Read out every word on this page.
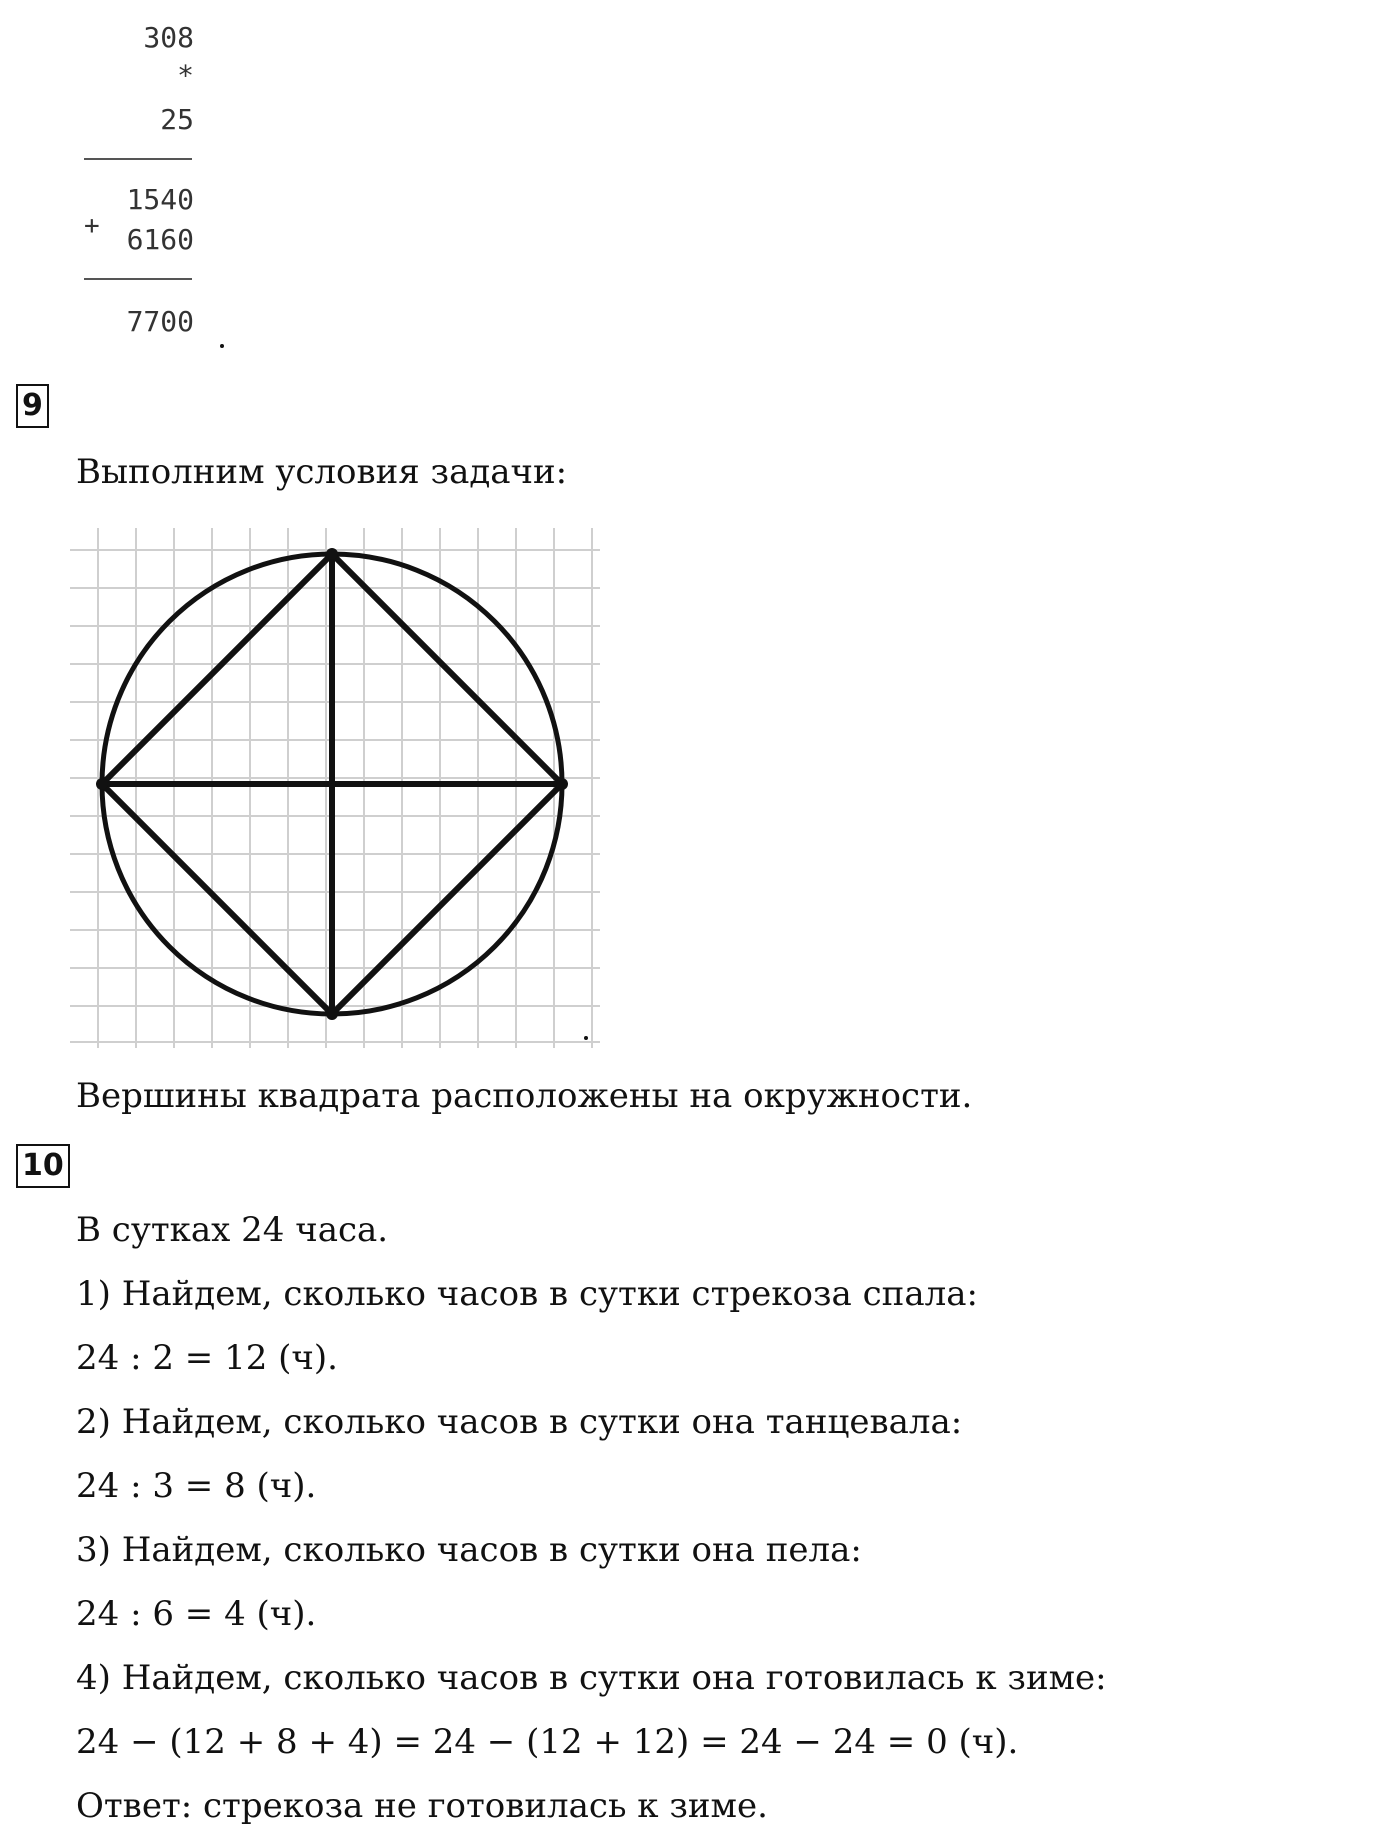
308
*
25
+
1540
6160
7700
9
Выполним условия задачи:
Вершины квадрата расположены на окружности.
10
В сутках 24 часа.
1) Найдем, сколько часов в сутки стрекоза спала:
24 : 2 = 12 (ч).
2) Найдем, сколько часов в сутки она танцевала:
24 : 3 = 8 (ч).
3) Найдем, сколько часов в сутки она пела:
24 : 6 = 4 (ч).
4) Найдем, сколько часов в сутки она готовилась к зиме:
24 − (12 + 8 + 4) = 24 − (12 + 12) = 24 − 24 = 0 (ч).
Ответ: стрекоза не готовилась к зиме.
